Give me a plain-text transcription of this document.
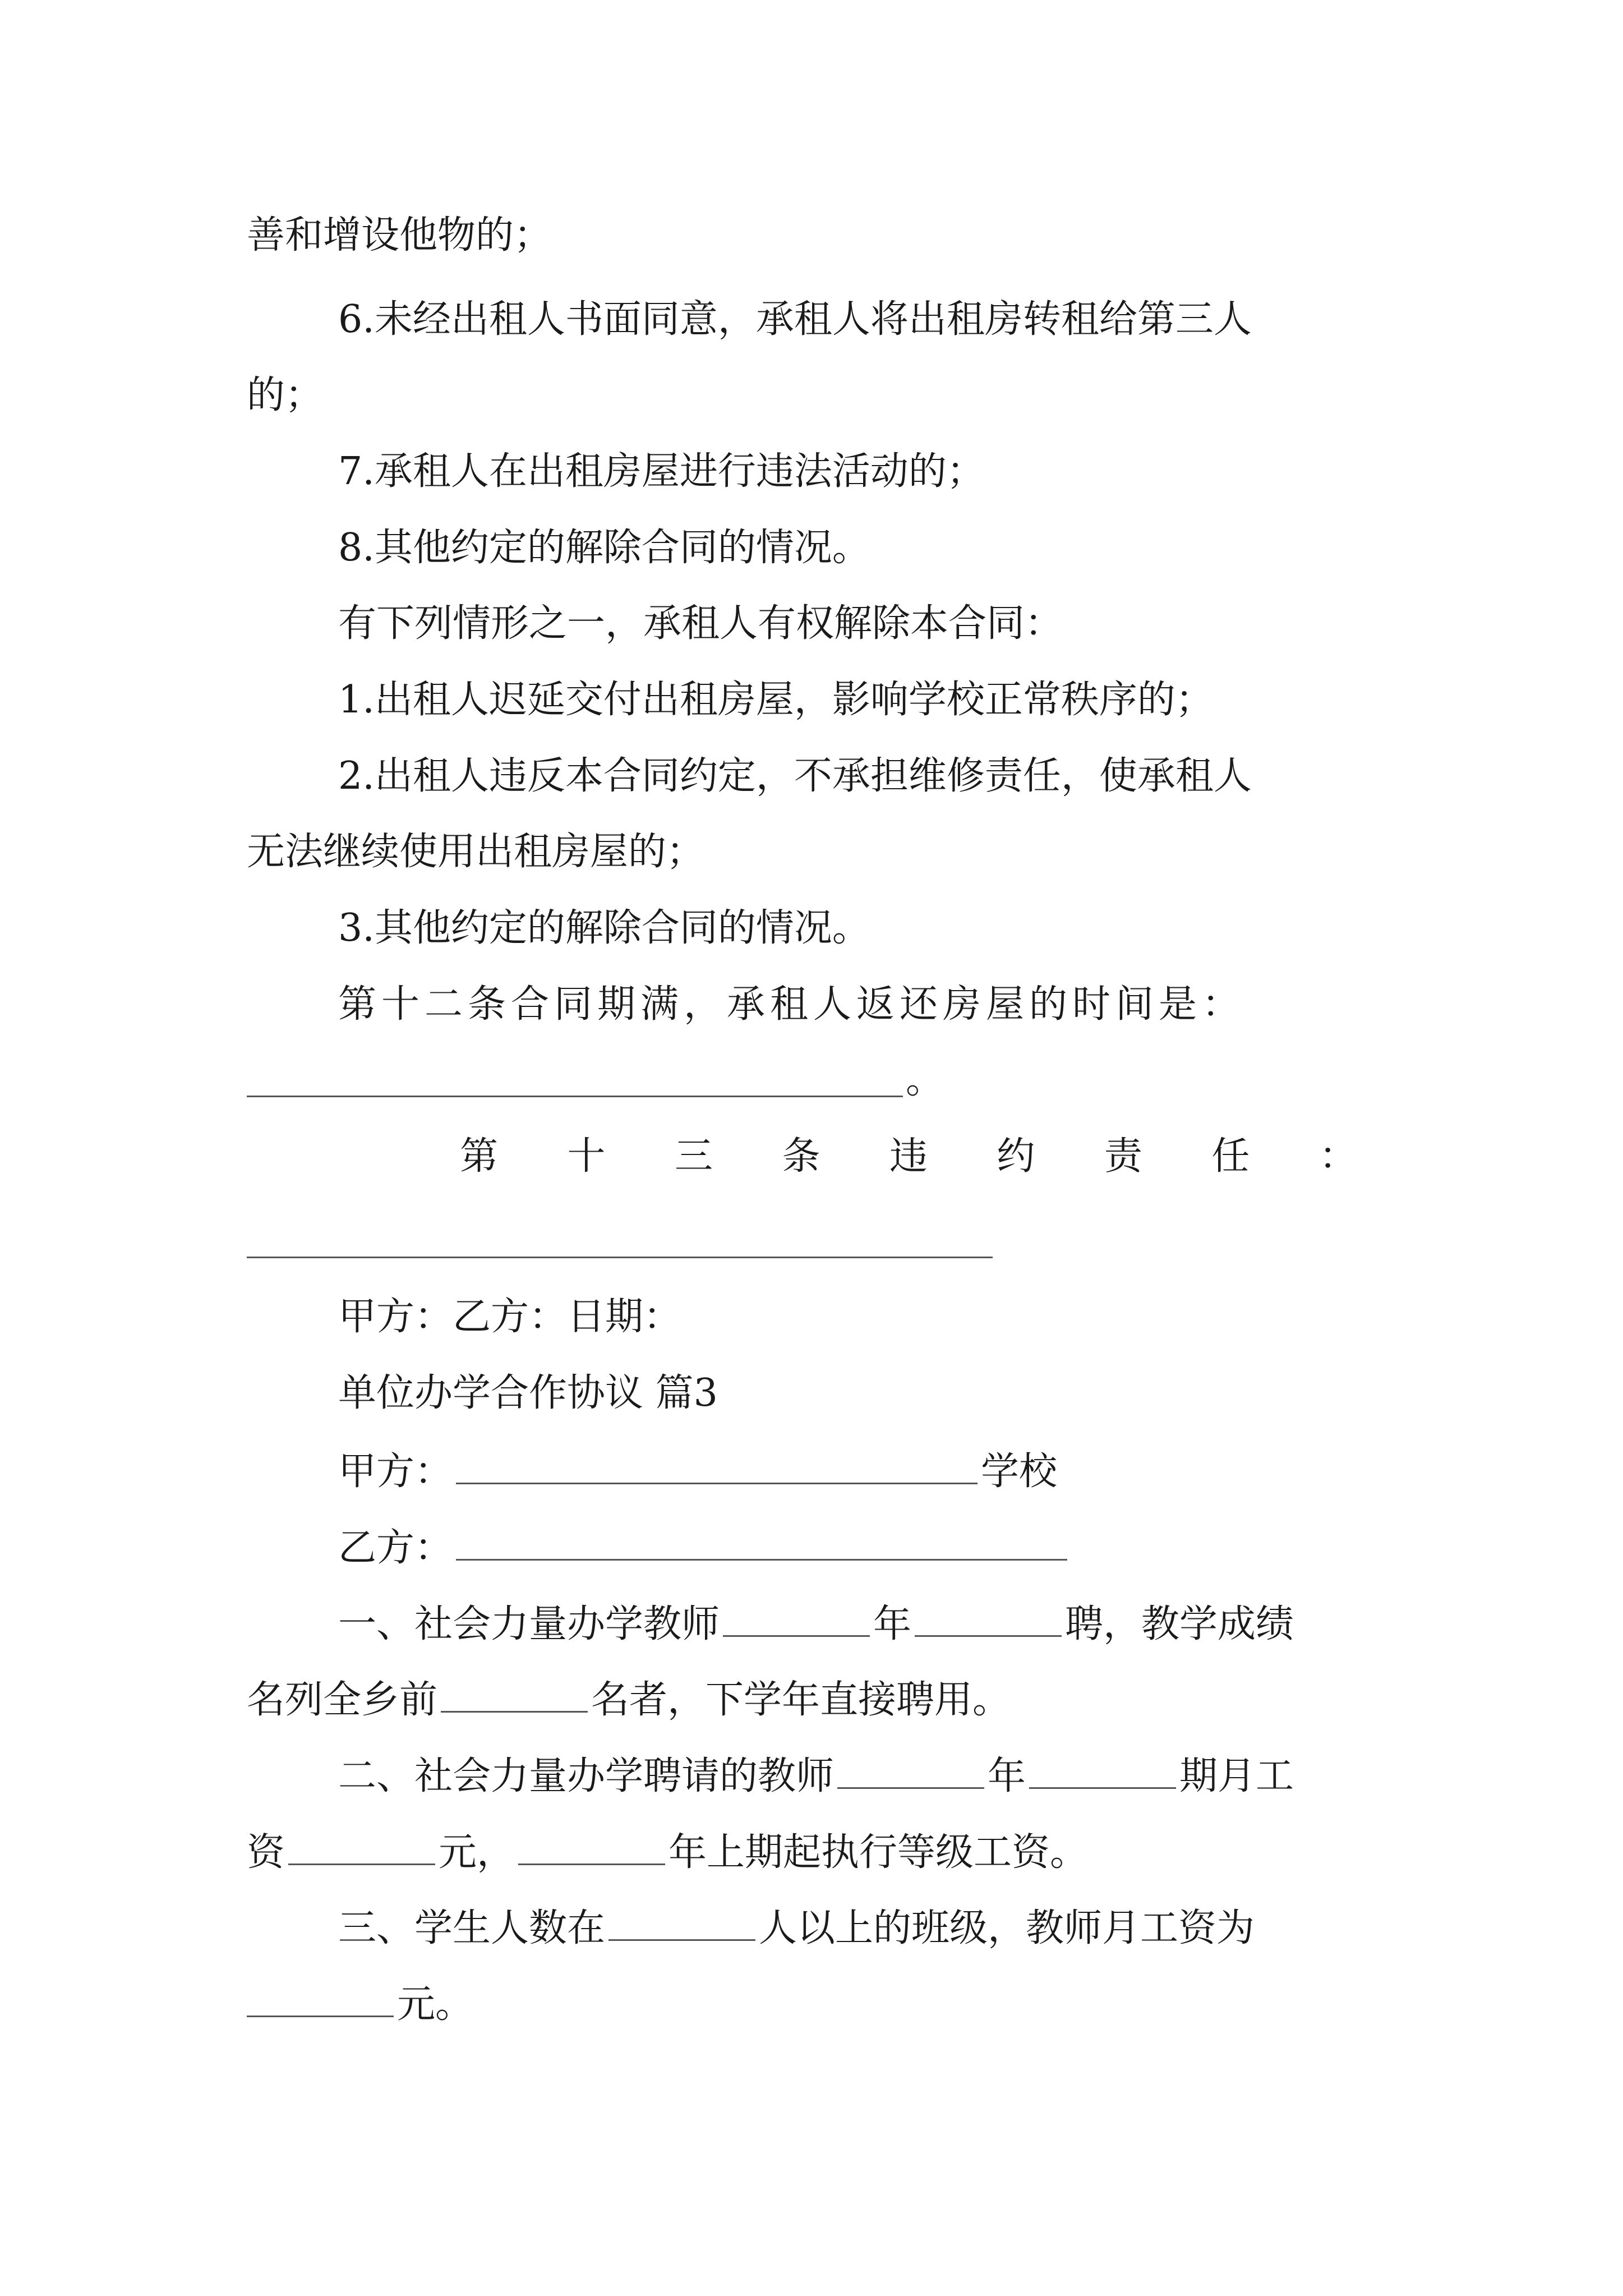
善和增设他物的；
6.未经出租人书面同意，承租人将出租房转租给第三人
的；
7.承租人在出租房屋进行违法活动的；
8.其他约定的解除合同的情况。
有下列情形之一，承租人有权解除本合同：
1.出租人迟延交付出租房屋，影响学校正常秩序的；
2.出租人违反本合同约定，不承担维修责任，使承租人
无法继续使用出租房屋的；
3.其他约定的解除合同的情况。
第十二条合同期满，承租人返还房屋的时间是：
。
第 十 三 条 违 约 责 任 ：
甲方：乙方：日期：
单位办学合作协议 篇3
甲方：	学校
乙方：
一、社会力量办学教师	年	聘，教学成绩
名列全乡前	名者，下学年直接聘用。
二、社会力量办学聘请的教师	年	期月工
资	元，	年上期起执行等级工资。
三、学生人数在	人以上的班级，教师月工资为
元。
